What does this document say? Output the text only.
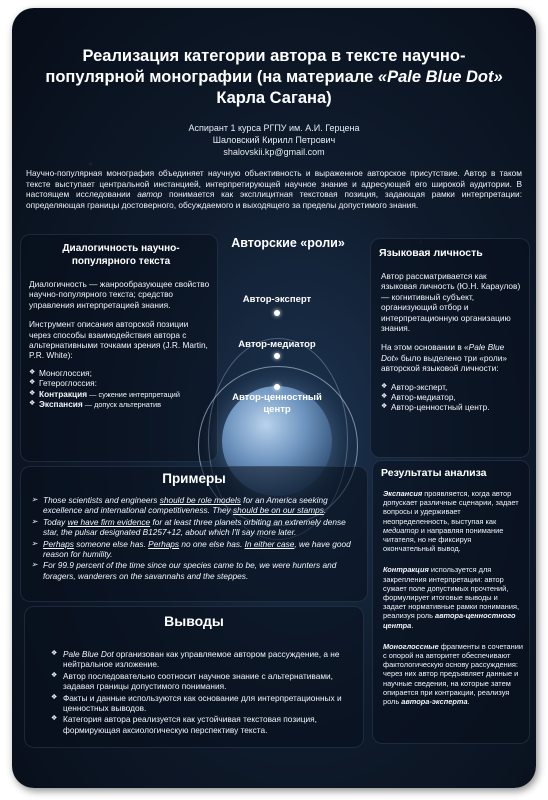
Реализация категории автора в тексте научно-
популярной монографии (на материале «Pale Blue Dot» Карла Сагана)
Аспирант 1 курса РГПУ им. А.И. Герцена
Шаловский Кирилл Петрович
shalovskii.kp@gmail.com
Научно-популярная монография объединяет научную объективность и выраженное авторское присутствие. Автор в таком тексте выступает центральной инстанцией, интерпретирующей научное знание и адресующей его широкой аудитории. В настоящем исследовании автор понимается как эксплицитная текстовая позиция, задающая рамки интерпретации: определяющая границы достоверного, обсуждаемого и выходящего за пределы допустимого знания.
Диалогичность научно-популярного текста
Диалогичность — жанрообразующее свойство научно-популярного текста; средство управления интерпретацией знания.
Инструмент описания авторской позиции через способы взаимодействия автора с альтернативными точками зрения (J.R. Martin, P.R. White):
❖ Монoглоссия;
❖ Гетероглоссия:
❖ Контракция — сужение интерпретаций
❖ Экспансия — допуск альтернатив
Авторские «роли»
Автор-эксперт
Автор-медиатор
Автор-ценностный
центр
Языковая личность
Автор рассматривается как языковая личность (Ю.Н. Караулов) — когнитивный субъект, организующий отбор и интерпретационную организацию знания.
На этом основании в «Pale Blue Dot» было выделено три «роли» авторской языковой личности:
❖ Автор-эксперт,
❖ Автор-медиатор,
❖ Автор-ценностный центр.
Примеры
➢ Those scientists and engineers should be role models for an America seeking excellence and international competitiveness. They should be on our stamps.
➢ Today we have firm evidence for at least three planets orbiting an extremely dense star, the pulsar designated B1257+12, about which I'll say more later.
➢ Perhaps someone else has. Perhaps no one else has. In either case, we have good reason for humility.
➢ For 99.9 percent of the time since our species came to be, we were hunters and foragers, wanderers on the savannahs and the steppes.
Результаты анализа
Экспансия проявляется, когда автор допускает различные сценарии, задает вопросы и удерживает неопределенность, выступая как медиатор и направляя понимание читателя, но не фиксируя окончательный вывод.
Контракция используется для закрепления интерпретации: автор сужает поле допустимых прочтений, формулирует итоговые выводы и задает нормативные рамки понимания, реализуя роль автора-ценностного центра.
Моноглоссные фрагменты в сочетании с опорой на авторитет обеспечивают фактологическую основу рассуждения: через них автор предъявляет данные и научные сведения, на которые затем опирается при контракции, реализуя роль автора-эксперта.
Выводы
❖ Pale Blue Dot организован как управляемое автором рассуждение, а не нейтральное изложение.
❖ Автор последовательно соотносит научное знание с альтернативами, задавая границы допустимого понимания.
❖ Факты и данные используются как основание для интерпретационных и ценностных выводов.
❖ Категория автора реализуется как устойчивая текстовая позиция, формирующая аксиологическую перспективу текста.
